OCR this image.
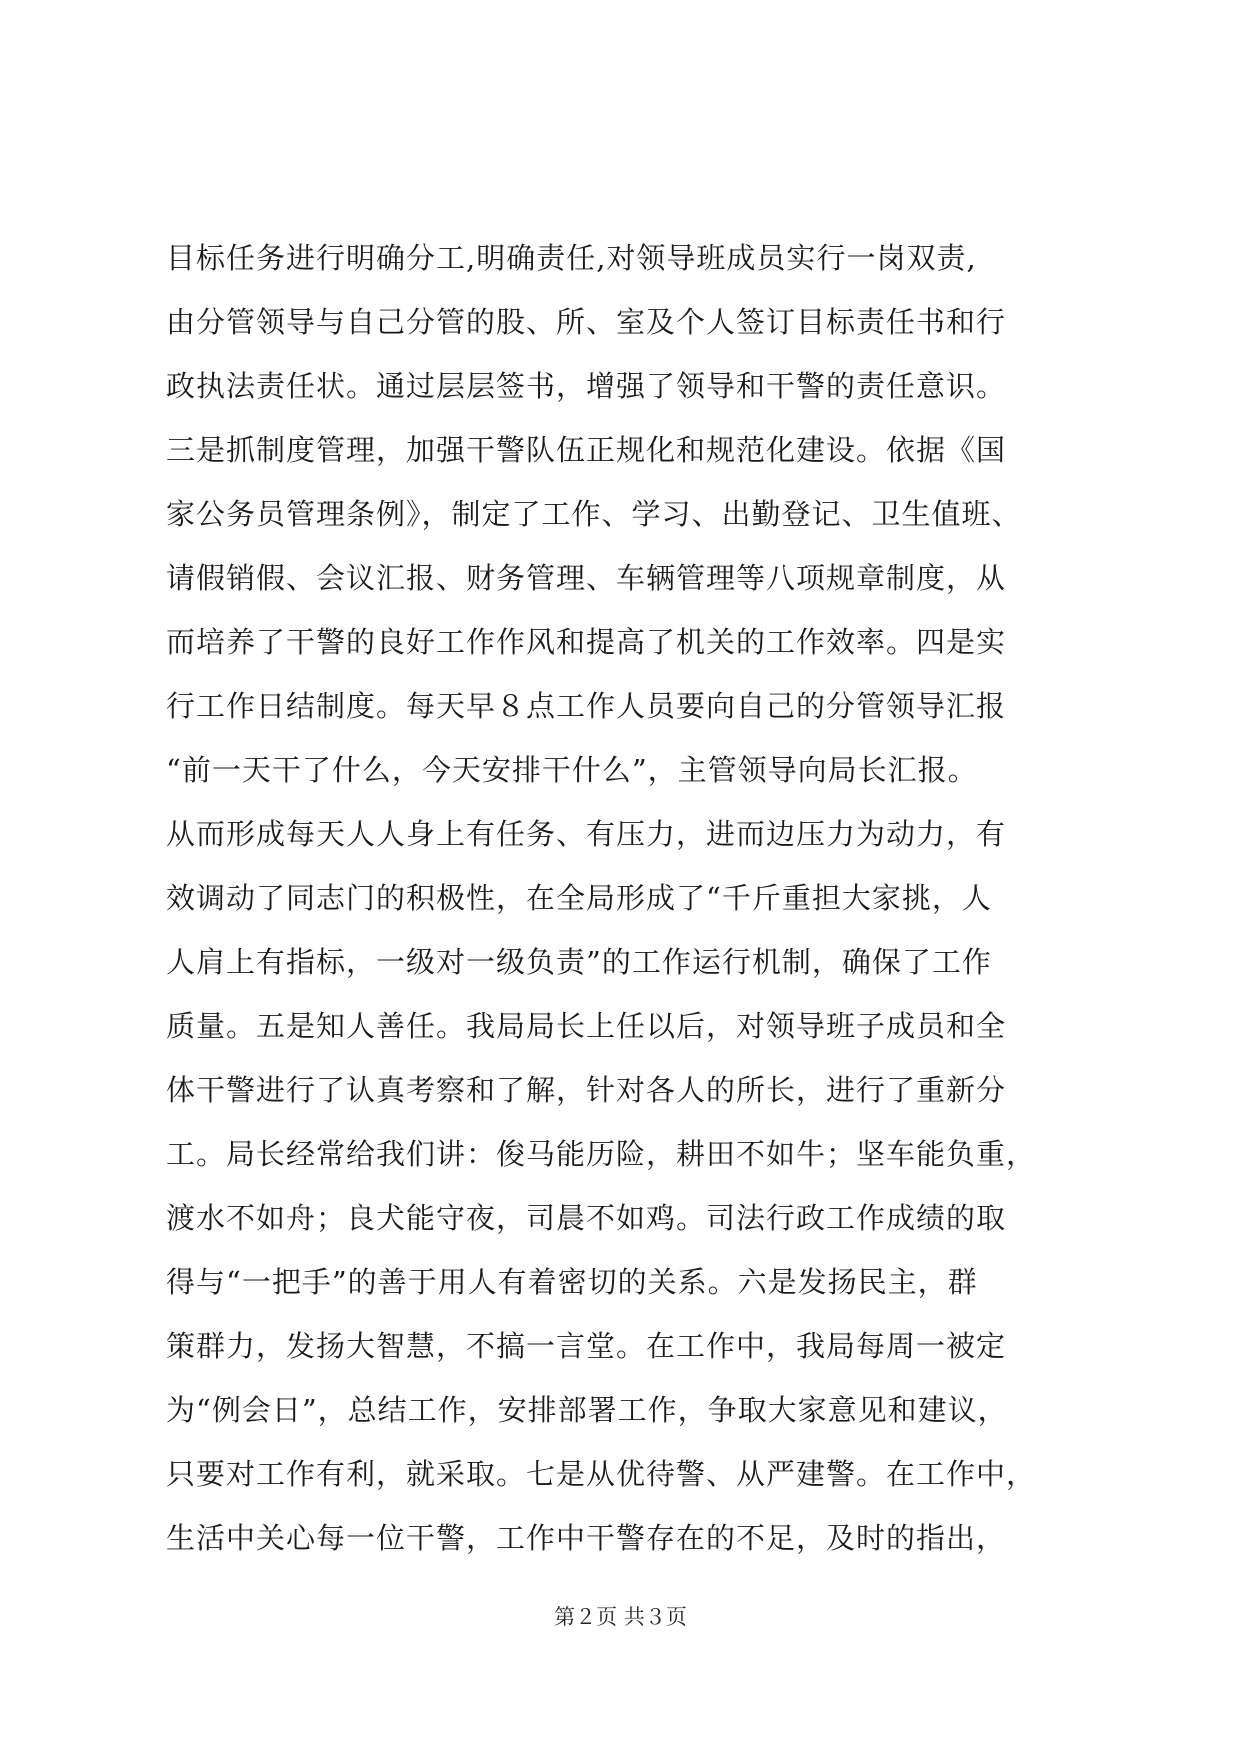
目标任务进行明确分工,明确责任,对领导班成员实行一岗双责,
由分管领导与自己分管的股、所、室及个人签订目标责任书和行
政执法责任状。通过层层签书，增强了领导和干警的责任意识。
三是抓制度管理，加强干警队伍正规化和规范化建设。依据《国
家公务员管理条例》，制定了工作、学习、出勤登记、卫生值班、
请假销假、会议汇报、财务管理、车辆管理等八项规章制度，从
而培养了干警的良好工作作风和提高了机关的工作效率。四是实
行工作日结制度。每天早８点工作人员要向自己的分管领导汇报
“前一天干了什么，今天安排干什么”，主管领导向局长汇报。
从而形成每天人人身上有任务、有压力，进而边压力为动力，有
效调动了同志门的积极性，在全局形成了“千斤重担大家挑，人
人肩上有指标，一级对一级负责”的工作运行机制，确保了工作
质量。五是知人善任。我局局长上任以后，对领导班子成员和全
体干警进行了认真考察和了解，针对各人的所长，进行了重新分
工。局长经常给我们讲：俊马能历险，耕田不如牛；坚车能负重，
渡水不如舟；良犬能守夜，司晨不如鸡。司法行政工作成绩的取
得与“一把手”的善于用人有着密切的关系。六是发扬民主，群
策群力，发扬大智慧，不搞一言堂。在工作中，我局每周一被定
为“例会日”，总结工作，安排部署工作，争取大家意见和建议，
只要对工作有利，就采取。七是从优待警、从严建警。在工作中，
生活中关心每一位干警，工作中干警存在的不足，及时的指出，
第２页 共３页
